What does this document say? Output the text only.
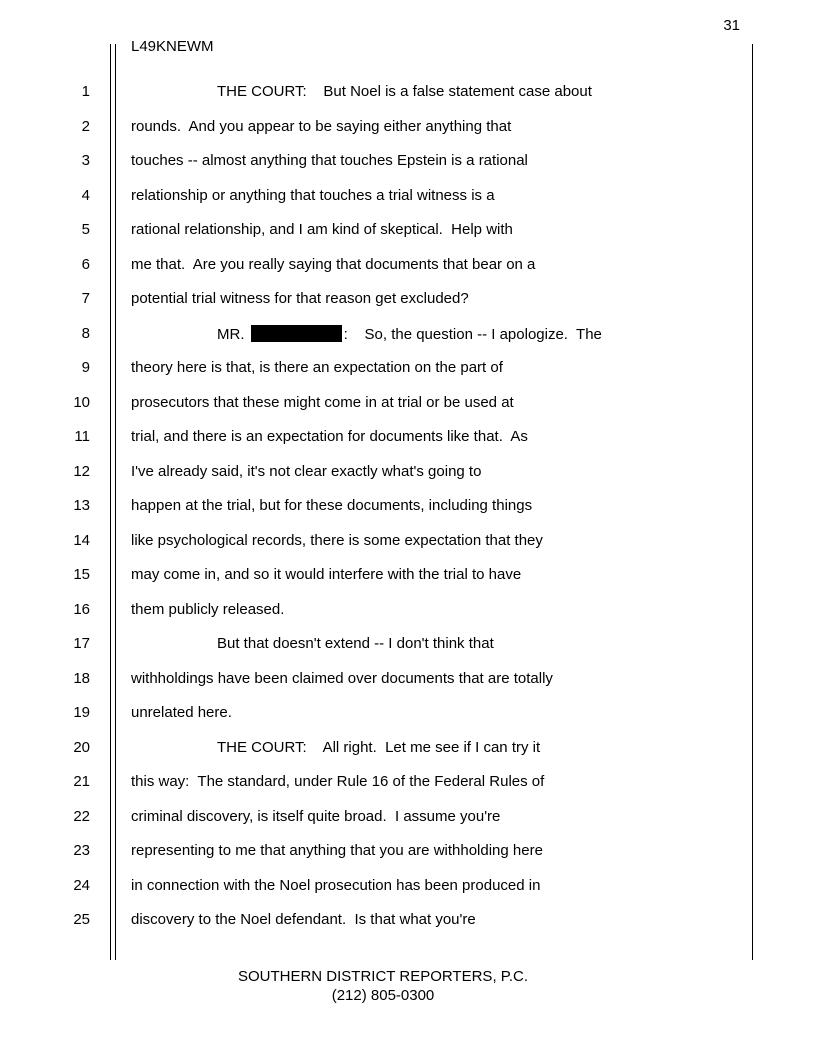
31
L49KNEWM
1	THE COURT:    But Noel is a false statement case about
2	rounds.  And you appear to be saying either anything that
3	touches -- almost anything that touches Epstein is a rational
4	relationship or anything that touches a trial witness is a
5	rational relationship, and I am kind of skeptical.  Help with
6	me that.  Are you really saying that documents that bear on a
7	potential trial witness for that reason get excluded?
8	MR.	:    So, the question -- I apologize.  The
9	theory here is that, is there an expectation on the part of
10	prosecutors that these might come in at trial or be used at
11	trial, and there is an expectation for documents like that.  As
12	I've already said, it's not clear exactly what's going to
13	happen at the trial, but for these documents, including things
14	like psychological records, there is some expectation that they
15	may come in, and so it would interfere with the trial to have
16	them publicly released.
17	But that doesn't extend -- I don't think that
18	withholdings have been claimed over documents that are totally
19	unrelated here.
20	THE COURT:    All right.  Let me see if I can try it
21	this way:  The standard, under Rule 16 of the Federal Rules of
22	criminal discovery, is itself quite broad.  I assume you're
23	representing to me that anything that you are withholding here
24	in connection with the Noel prosecution has been produced in
25	discovery to the Noel defendant.  Is that what you're
SOUTHERN DISTRICT REPORTERS, P.C.
(212) 805-0300
